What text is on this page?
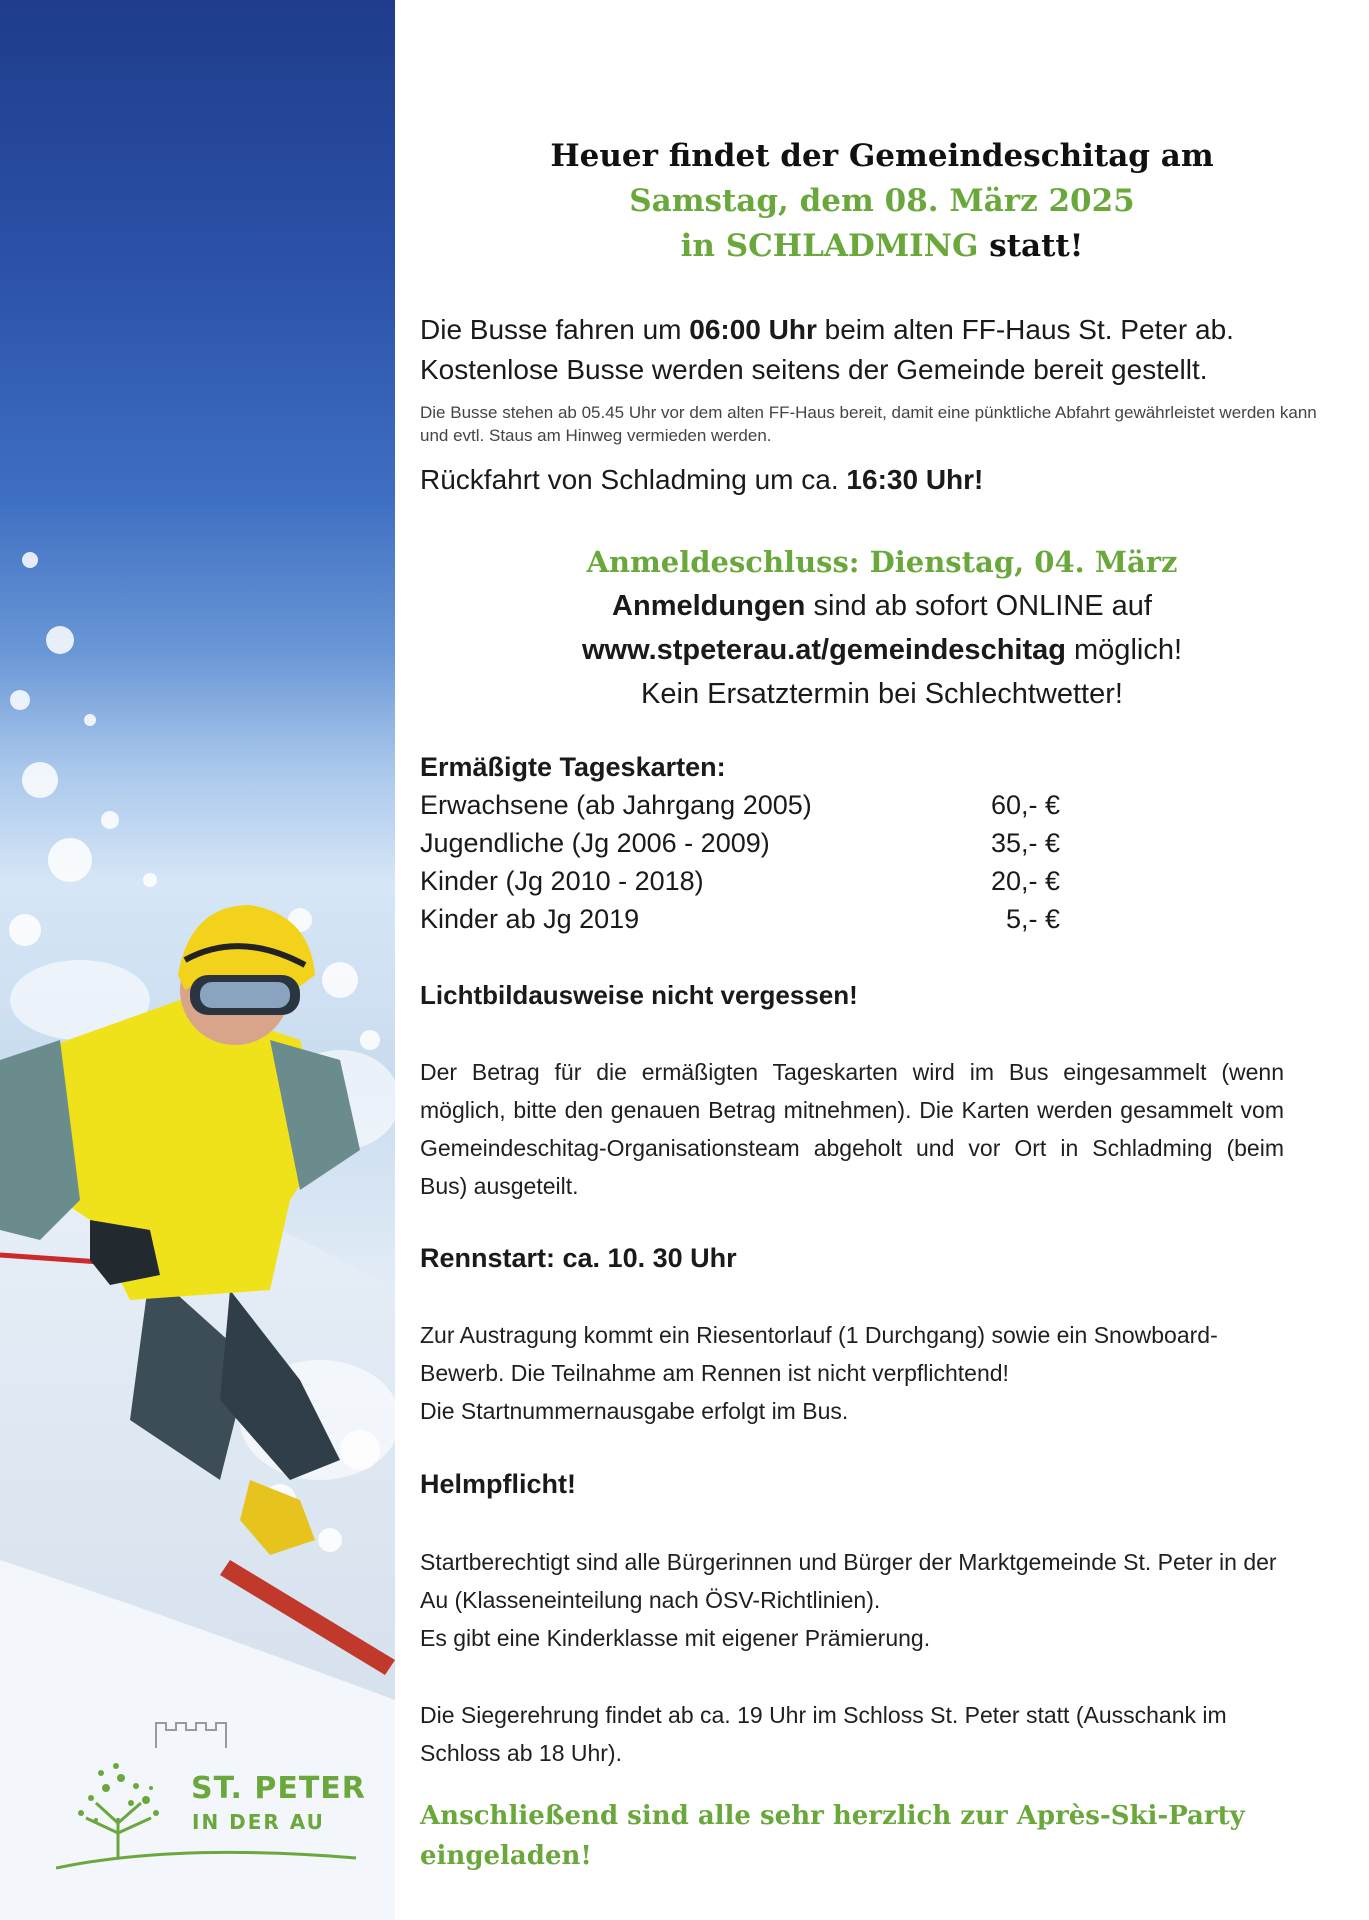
ST. PETER
IN DER AU
Heuer findet der Gemeindeschitag am
Samstag, dem 08. März 2025
in SCHLADMING statt!
Die Busse fahren um 06:00 Uhr beim alten FF-Haus St. Peter ab.
Kostenlose Busse werden seitens der Gemeinde bereit gestellt.
Die Busse stehen ab 05.45 Uhr vor dem alten FF-Haus bereit, damit eine pünktliche Abfahrt gewährleistet werden kann und evtl. Staus am Hinweg vermieden werden.
Rückfahrt von Schladming um ca. 16:30 Uhr!
Anmeldeschluss: Dienstag, 04. März
Anmeldungen sind ab sofort ONLINE auf
www.stpeterau.at/gemeindeschitag möglich!
Kein Ersatztermin bei Schlechtwetter!
Ermäßigte Tageskarten:
Erwachsene (ab Jahrgang 2005)	60,- €
Jugendliche (Jg 2006 - 2009)	35,- €
Kinder (Jg 2010 - 2018)	20,- €
Kinder ab Jg 2019	5,- €
Lichtbildausweise nicht vergessen!
Der Betrag für die ermäßigten Tageskarten wird im Bus eingesammelt (wenn möglich, bitte den genauen Betrag mitnehmen). Die Karten werden gesammelt vom Gemeindeschitag-Organisationsteam abgeholt und vor Ort in Schladming (beim Bus) ausgeteilt.
Rennstart: ca. 10. 30 Uhr
Zur Austragung kommt ein Riesentorlauf (1 Durchgang) sowie ein Snowboard-Bewerb. Die Teilnahme am Rennen ist nicht verpflichtend!
Die Startnummernausgabe erfolgt im Bus.
Helmpflicht!
Startberechtigt sind alle Bürgerinnen und Bürger der Marktgemeinde St. Peter in der Au (Klasseneinteilung nach ÖSV-Richtlinien).
Es gibt eine Kinderklasse mit eigener Prämierung.
Die Siegerehrung findet ab ca. 19 Uhr im Schloss St. Peter statt (Ausschank im Schloss ab 18 Uhr).
Anschließend sind alle sehr herzlich zur Après-Ski-Party eingeladen!
